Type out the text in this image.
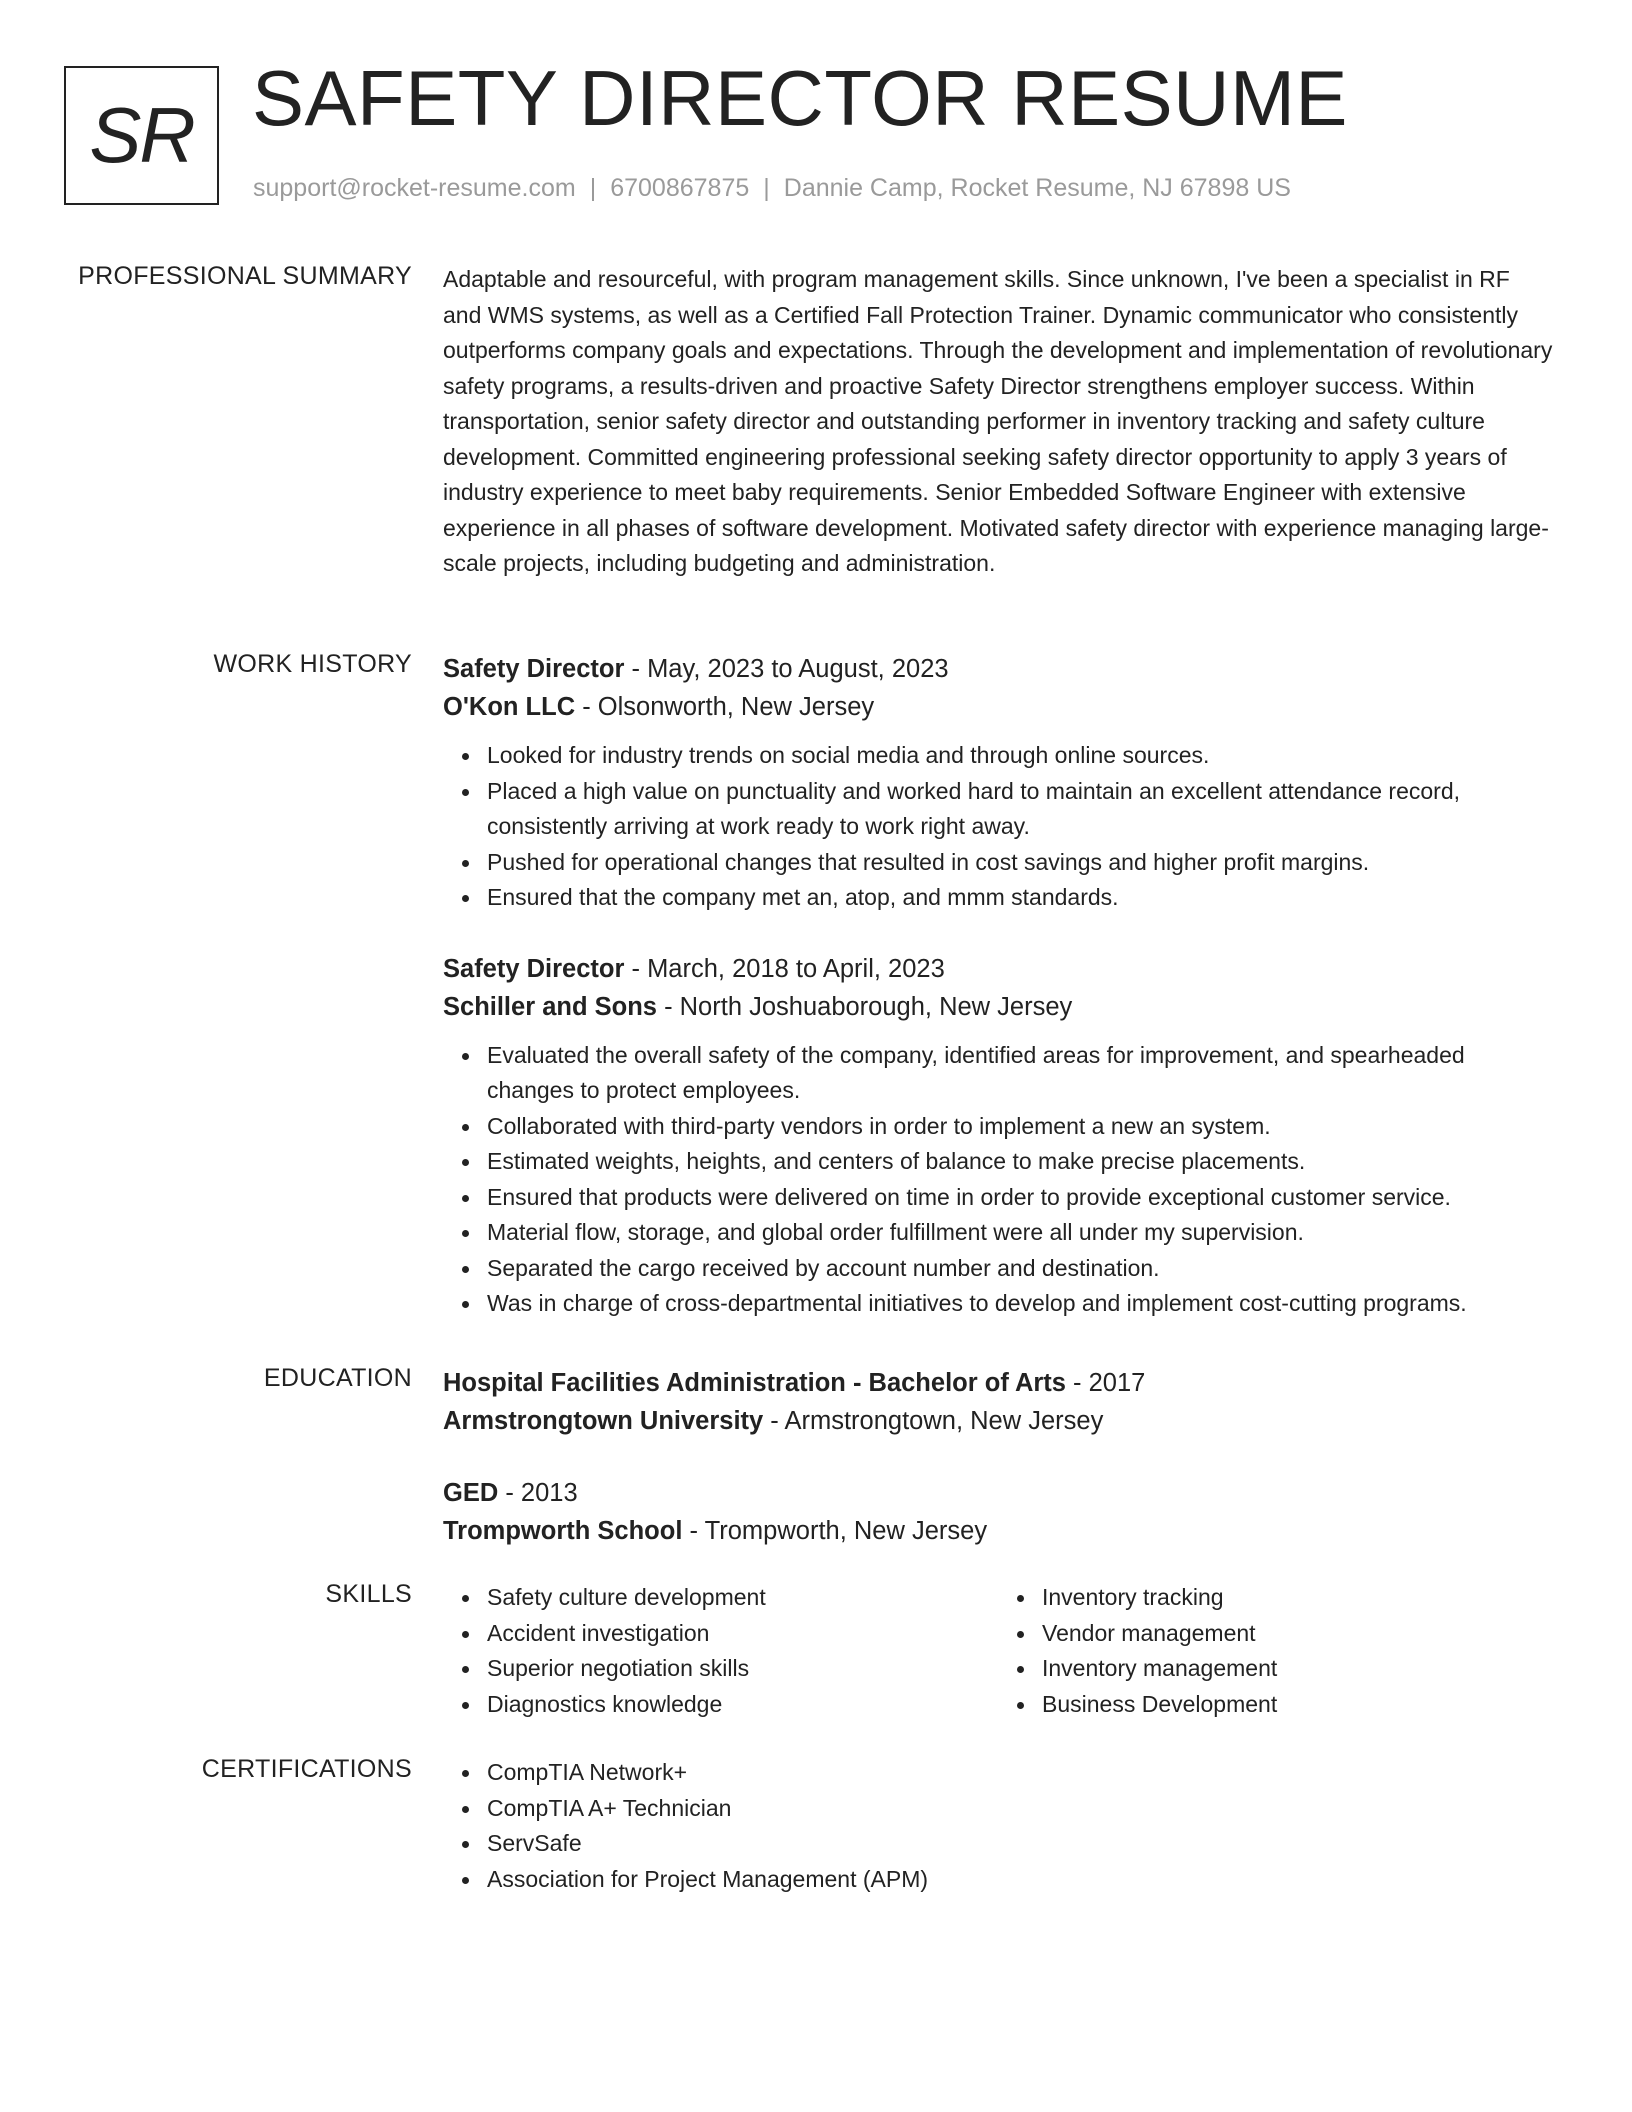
SR SAFETY DIRECTOR RESUME
support@rocket-resume.com | 6700867875 | Dannie Camp, Rocket Resume, NJ 67898 US
PROFESSIONAL SUMMARY Adaptable and resourceful, with program management skills. Since unknown, I've been a specialist in RF and WMS systems, as well as a Certified Fall Protection Trainer. Dynamic communicator who consistently outperforms company goals and expectations. Through the development and implementation of revolutionary safety programs, a results-driven and proactive Safety Director strengthens employer success. Within transportation, senior safety director and outstanding performer in inventory tracking and safety culture development. Committed engineering professional seeking safety director opportunity to apply 3 years of industry experience to meet baby requirements. Senior Embedded Software Engineer with extensive experience in all phases of software development. Motivated safety director with experience managing large-scale projects, including budgeting and administration.
WORK HISTORY Safety Director - May, 2023 to August, 2023
O'Kon LLC - Olsonworth, New Jersey
Looked for industry trends on social media and through online sources.
Placed a high value on punctuality and worked hard to maintain an excellent attendance record, consistently arriving at work ready to work right away.
Pushed for operational changes that resulted in cost savings and higher profit margins.
Ensured that the company met an, atop, and mmm standards.
Safety Director - March, 2018 to April, 2023
Schiller and Sons - North Joshuaborough, New Jersey
Evaluated the overall safety of the company, identified areas for improvement, and spearheaded changes to protect employees.
Collaborated with third-party vendors in order to implement a new an system.
Estimated weights, heights, and centers of balance to make precise placements.
Ensured that products were delivered on time in order to provide exceptional customer service.
Material flow, storage, and global order fulfillment were all under my supervision.
Separated the cargo received by account number and destination.
Was in charge of cross-departmental initiatives to develop and implement cost-cutting programs.
EDUCATION Hospital Facilities Administration - Bachelor of Arts - 2017
Armstrongtown University - Armstrongtown, New Jersey
GED - 2013
Trompworth School - Trompworth, New Jersey
SKILLS	Safety culture development
Accident investigation
Superior negotiation skills
Diagnostics knowledge
Inventory tracking
Vendor management
Inventory management
Business Development
CERTIFICATIONS	CompTIA Network+
CompTIA A+ Technician
ServSafe
Association for Project Management (APM)
